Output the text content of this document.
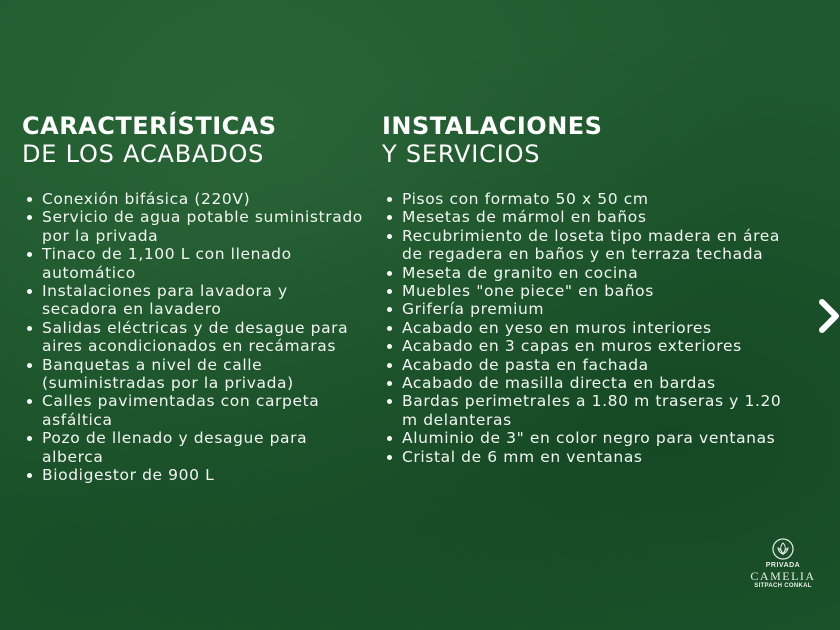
CARACTERÍSTICAS
DE LOS ACABADOS
Conexión bifásica (220V)
Servicio de agua potable suministrado por la privada
Tinaco de 1,100 L con llenado automático
Instalaciones para lavadora y secadora en lavadero
Salidas eléctricas y de desague para aires acondicionados en recámaras
Banquetas a nivel de calle (suministradas por la privada)
Calles pavimentadas con carpeta asfáltica
Pozo de llenado y desague para alberca
Biodigestor de 900 L
INSTALACIONES
Y SERVICIOS
Pisos con formato 50 x 50 cm
Mesetas de mármol en baños
Recubrimiento de loseta tipo madera en área de regadera en baños y en terraza techada
Meseta de granito en cocina
Muebles "one piece" en baños
Grifería premium
Acabado en yeso en muros interiores
Acabado en 3 capas en muros exteriores
Acabado de pasta en fachada
Acabado de masilla directa en bardas
Bardas perimetrales a 1.80 m traseras y 1.20 m delanteras
Aluminio de 3" en color negro para ventanas
Cristal de 6 mm en ventanas
PRIVADA
CAMELIA
SITPACH CONKAL
